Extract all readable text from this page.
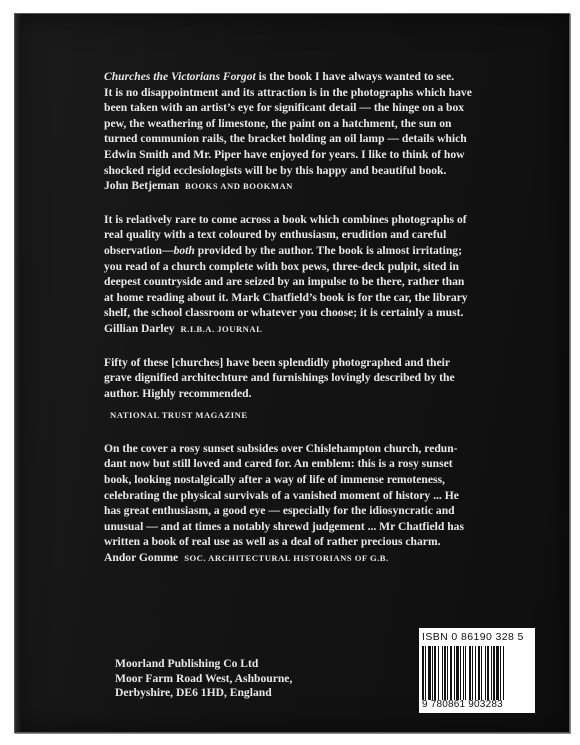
Churches the Victorians Forgot is the book I have always wanted to see.
It is no disappointment and its attraction is in the photographs which have
been taken with an artist’s eye for significant detail — the hinge on a box
pew, the weathering of limestone, the paint on a hatchment, the sun on
turned communion rails, the bracket holding an oil lamp — details which
Edwin Smith and Mr. Piper have enjoyed for years. I like to think of how
shocked rigid ecclesiologists will be by this happy and beautiful book.

John Betjeman BOOKS AND BOOKMAN

It is relatively rare to come across a book which combines photographs of
real quality with a text coloured by enthusiasm, erudition and careful
observation—both provided by the author. The book is almost irritating;
you read of a church complete with box pews, three-deck pulpit, sited in
deepest countryside and are seized by an impulse to be there, rather than
at home reading about it. Mark Chatfield’s book is for the car, the library
shelf, the school classroom or whatever you choose; it is certainly a must.

Gillian Darley R.I.B.A. JOURNAL

Fifty of these [churches] have been splendidly photographed and their
grave dignified architechture and furnishings lovingly described by the
author. Highly recommended.

NATIONAL TRUST MAGAZINE

On the cover a rosy sunset subsides over Chislehampton church, redun-
dant now but still loved and cared for. An emblem: this is a rosy sunset
book, looking nostalgically after a way of life of immense remoteness,
celebrating the physical survivals of a vanished moment of history ... He
has great enthusiasm, a good eye — especially for the idiosyncratic and
unusual — and at times a notably shrewd judgement ... Mr Chatfield has
written a book of real use as well as a deal of rather precious charm.

Andor Gomme SOC. ARCHITECTURAL HISTORIANS OF G.B.

Moorland Publishing Co Ltd
Moor Farm Road West, Ashbourne,
Derbyshire, DE6 1HD, England
ISBN 0 86190 328 5
9 780861 903283
